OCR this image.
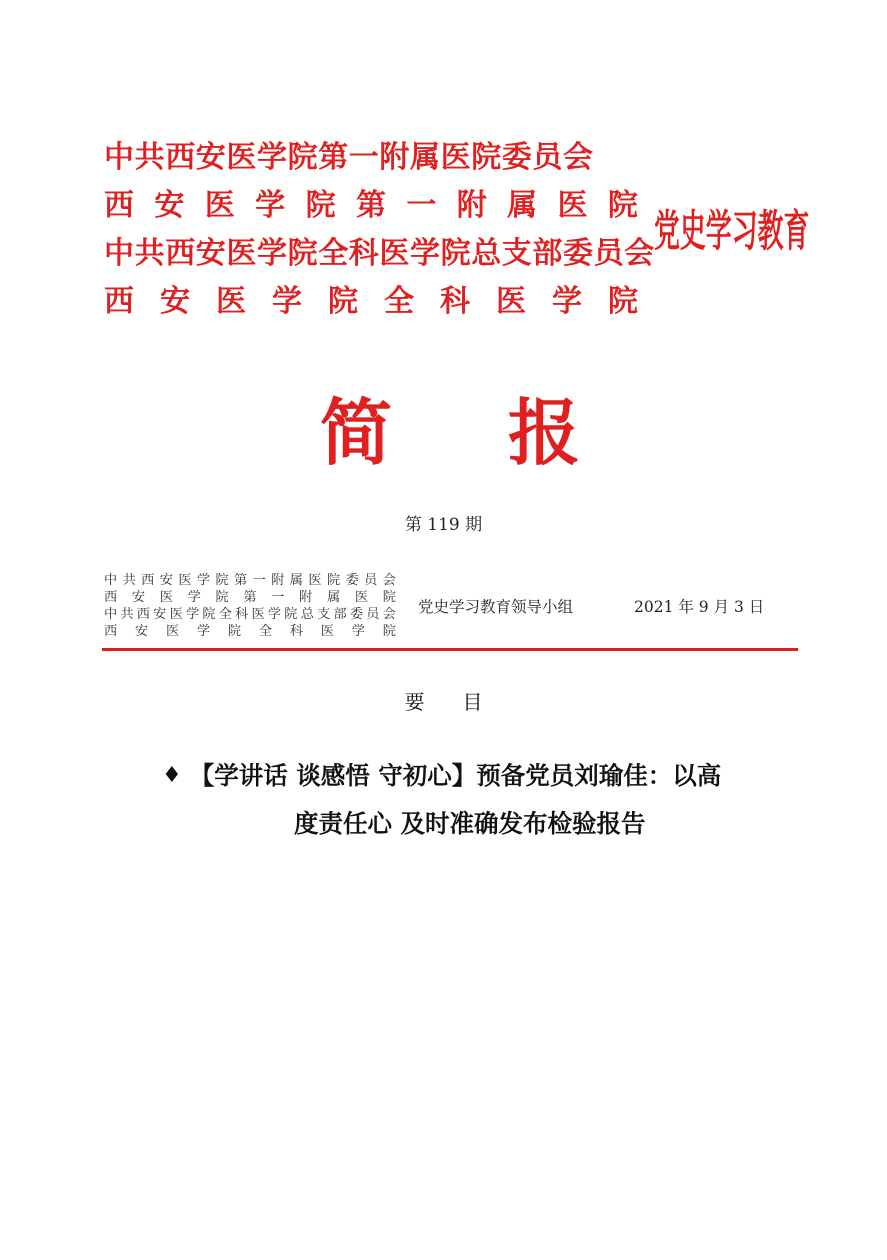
中共西安医学院第一附属医院委员会
西 安 医 学 院 第 一 附 属 医 院
中共西安医学院全科医学院总支部委员会
西 安 医 学 院 全 科 医 学 院
党史学习教育
简 报
第 119 期
中 共 西 安 医 学 院 第 一 附 属 医 院 委 员 会
西 安 医 学 院 第 一 附 属 医 院
中 共 西 安 医 学 院 全 科 医 学 院 总 支 部 委 员 会
西 安 医 学 院 全 科 医 学 院
党史学习教育领导小组	2021 年 9 月 3 日
要目
♦ 【学讲话 谈感悟 守初心】预备党员刘瑜佳：以高
度责任心 及时准确发布检验报告
